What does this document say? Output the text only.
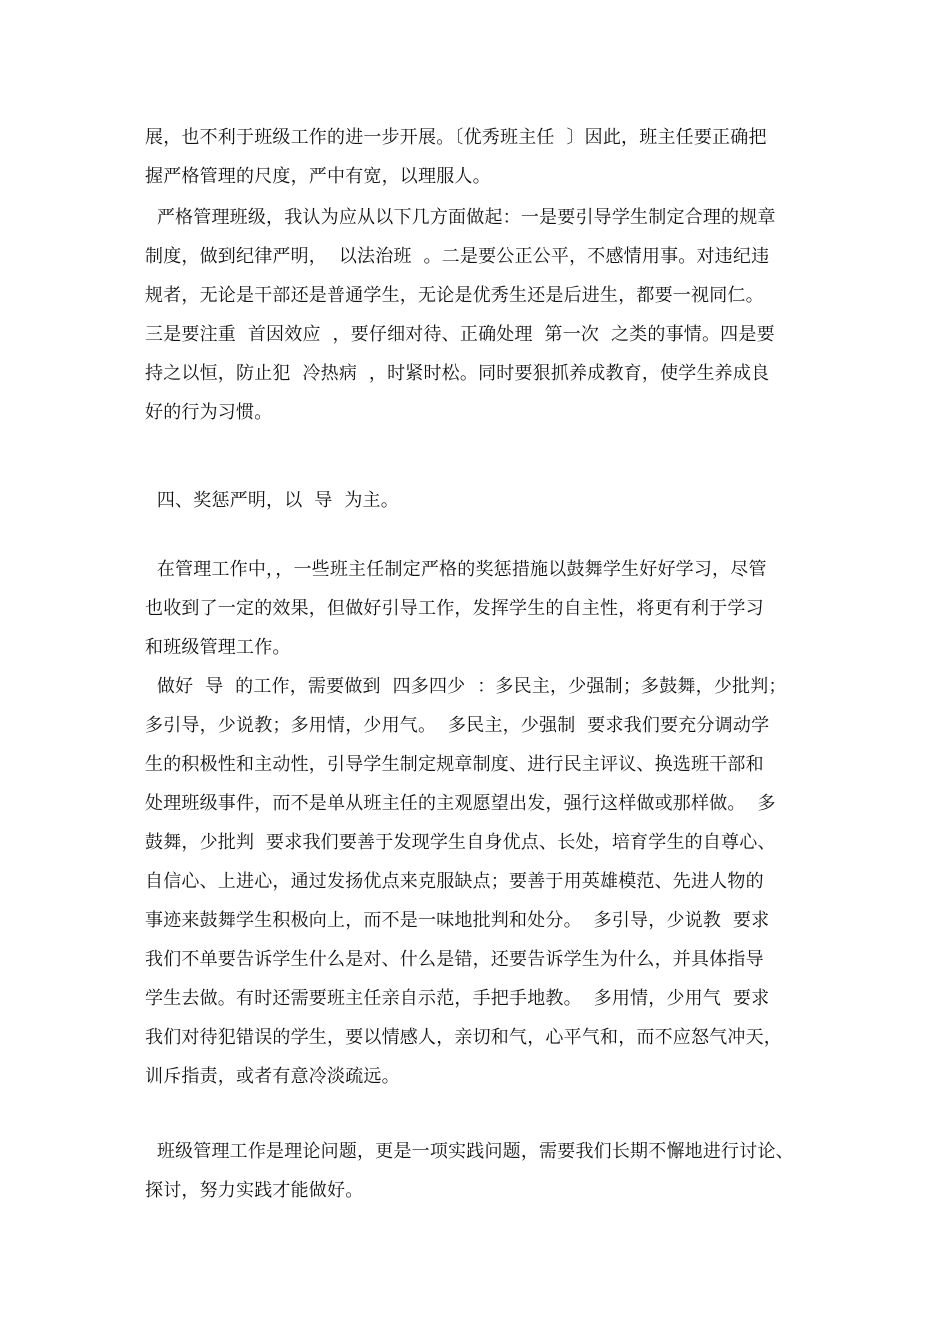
展，也不利于班级工作的进一步开展。〔优秀班主任  〕因此，班主任要正确把
握严格管理的尺度，严中有宽，以理服人。
严格管理班级，我认为应从以下几方面做起：一是要引导学生制定合理的规章
制度，做到纪律严明，  以法治班  。二是要公正公平，不感情用事。对违纪违
规者，无论是干部还是普通学生，无论是优秀生还是后进生，都要一视同仁。
三是要注重  首因效应  ，要仔细对待、正确处理  第一次  之类的事情。四是要
持之以恒，防止犯  冷热病  ，时紧时松。同时要狠抓养成教育，使学生养成良
好的行为习惯。
四、奖惩严明，以  导  为主。
在管理工作中，，一些班主任制定严格的奖惩措施以鼓舞学生好好学习，尽管
也收到了一定的效果，但做好引导工作，发挥学生的自主性，将更有利于学习
和班级管理工作。
做好  导  的工作，需要做到  四多四少  ：多民主，少强制；多鼓舞，少批判；
多引导，少说教；多用情，少用气。  多民主，少强制  要求我们要充分调动学
生的积极性和主动性，引导学生制定规章制度、进行民主评议、换选班干部和
处理班级事件，而不是单从班主任的主观愿望出发，强行这样做或那样做。  多
鼓舞，少批判  要求我们要善于发现学生自身优点、长处，培育学生的自尊心、
自信心、上进心，通过发扬优点来克服缺点；要善于用英雄模范、先进人物的
事迹来鼓舞学生积极向上，而不是一味地批判和处分。  多引导，少说教  要求
我们不单要告诉学生什么是对、什么是错，还要告诉学生为什么，并具体指导
学生去做。有时还需要班主任亲自示范，手把手地教。  多用情，少用气  要求
我们对待犯错误的学生，要以情感人，亲切和气，心平气和，而不应怒气冲天，
训斥指责，或者有意冷淡疏远。
班级管理工作是理论问题，更是一项实践问题，需要我们长期不懈地进行讨论、
探讨，努力实践才能做好。
